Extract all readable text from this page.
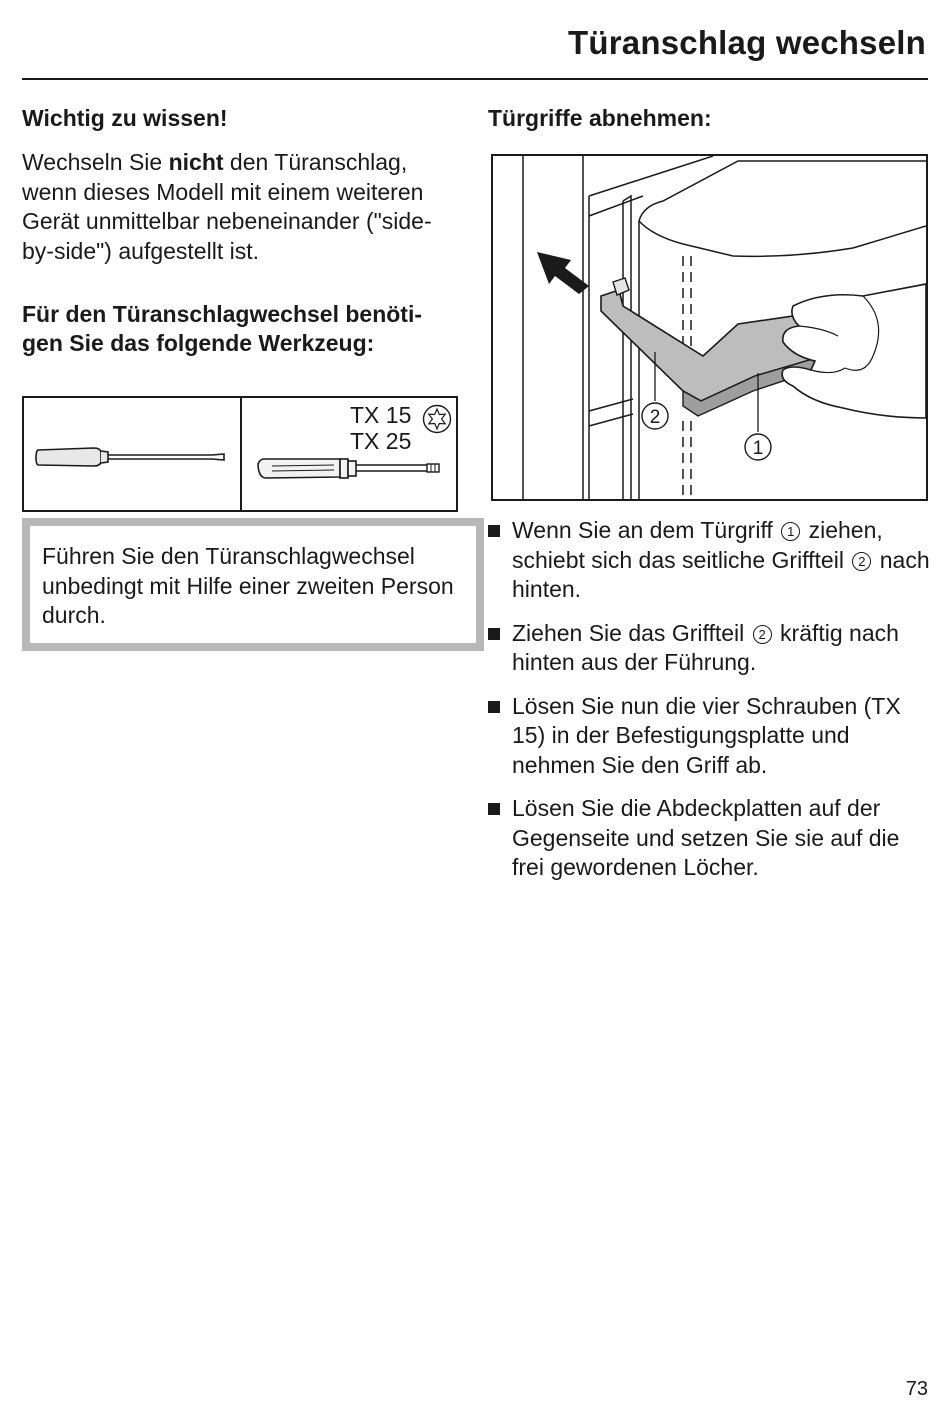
Türanschlag wechseln
Wichtig zu wissen!

Wechseln Sie nicht den Türanschlag, wenn dieses Modell mit einem weiteren Gerät unmittelbar nebeneinander ("side-by-side") aufgestellt ist.

Für den Türanschlagwechsel benöti-gen Sie das folgende Werkzeug:
TX 15
TX 25
Führen Sie den Türanschlagwechsel unbedingt mit Hilfe einer zweiten Person durch.
Türgriffe abnehmen:
2
1
Wenn Sie an dem Türgriff 1 ziehen, schiebt sich das seitliche Griffteil 2 nach hinten.
Ziehen Sie das Griffteil 2 kräftig nach hinten aus der Führung.
Lösen Sie nun die vier Schrauben (TX 15) in der Befestigungsplatte und nehmen Sie den Griff ab.
Lösen Sie die Abdeckplatten auf der Gegenseite und setzen Sie sie auf die frei gewordenen Löcher.
73
